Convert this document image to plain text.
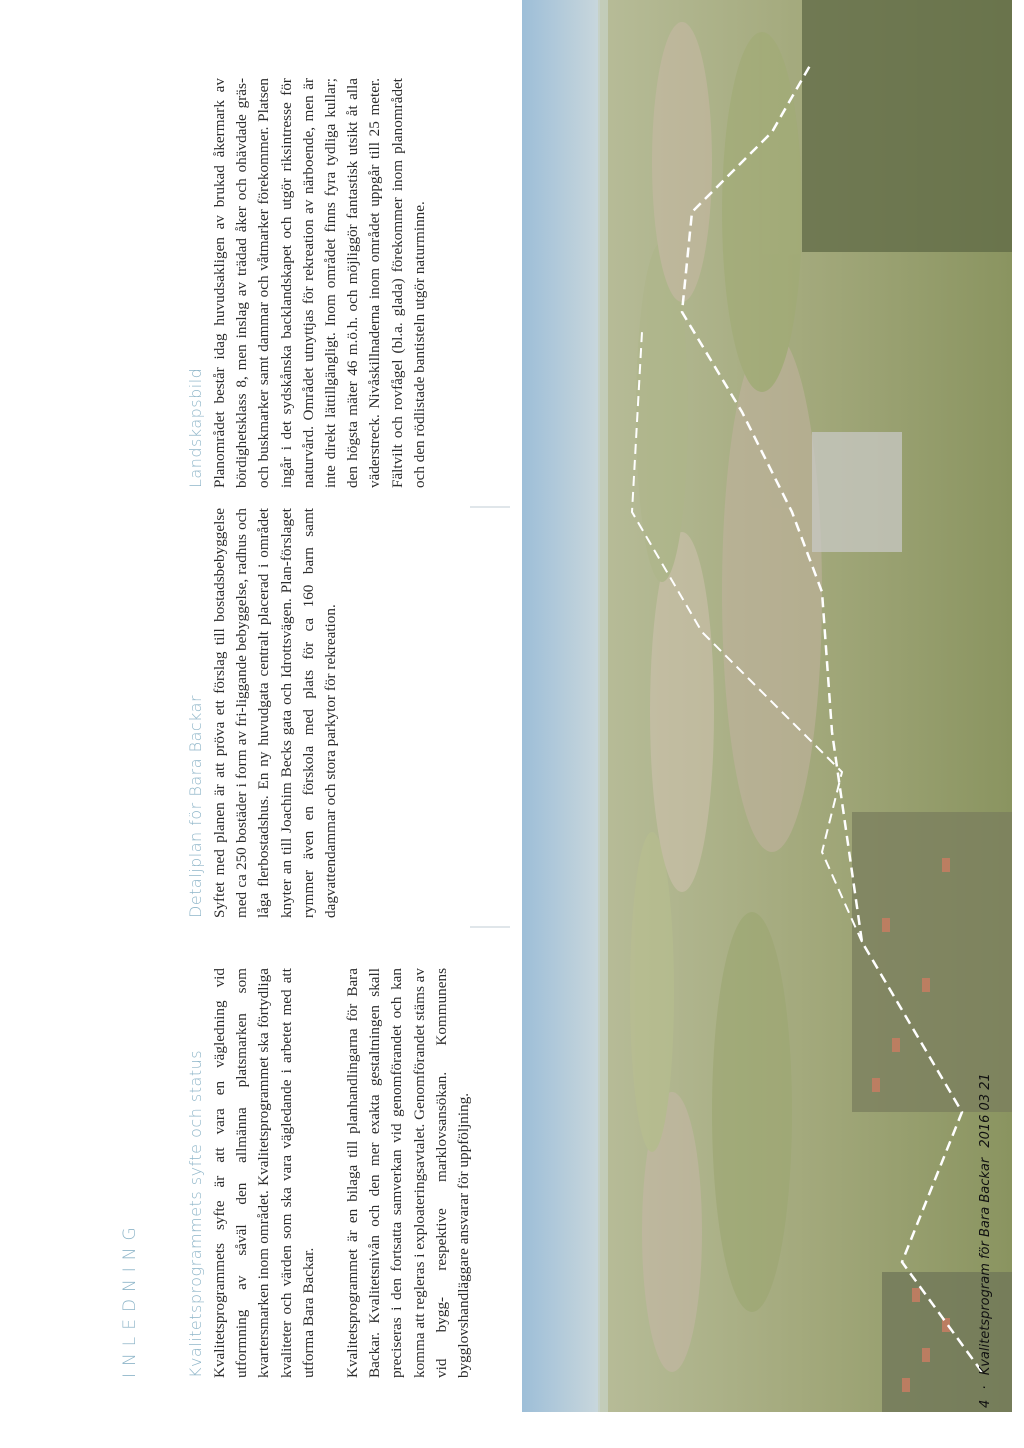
INLEDNING	Kvalitetsprogrammets syfte och status Kvalitetsprogrammets syfte är att vara en vägledning vid utformning av såväl den allmänna platsmarken som kvartersmarken inom området. Kvalitetsprogrammet ska förtydliga kvaliteter och värden som ska vara vägledande i arbetet med att utforma Bara Backar. Kvalitetsprogrammet är en bilaga till planhandlingarna för Bara Backar. Kvalitetsnivån och den mer exakta gestaltningen skall preciseras i den fortsatta samverkan vid genomförandet och kan komma att regleras i exploateringsavtalet. Genomförandet stäms av vid bygg- respektive marklovsansökan. Kommunens bygglovshandläggare ansvarar för uppföljning.

Detaljplan för Bara Backar Syftet med planen är att pröva ett förslag till bostadsbebyggelse med ca 250 bostäder i form av fri-liggande bebyggelse, radhus och låga flerbostadshus. En ny huvudgata centralt placerad i området knyter an till Joachim Becks gata och Idrottsvägen. Plan-förslaget rymmer även en förskola med plats för ca 160 barn samt dagvattendammar och stora parkytor för rekreation.

Landskapsbild Planområdet består idag huvudsakligen av brukad åkermark av bördighetsklass 8, men inslag av trädad åker och ohävdade gräs- och buskmarker samt dammar och våtmarker förekommer. Platsen ingår i det sydskånska backlandskapet och utgör riksintresse för naturvård. Området utnyttjas för rekreation av närboende, men är inte direkt lättillgängligt. Inom området finns fyra tydliga kullar; den högsta mäter 46 m.ö.h. och möjliggör fantastisk utsikt åt alla väderstreck. Nivåskillnaderna inom området uppgår till 25 meter. Fältvilt och rovfågel (bl.a. glada) förekommer inom planområdet och den rödlistade bantisteln utgör naturminne.

4 · Kvalitetsprogram för Bara Backar 2016 03 21
